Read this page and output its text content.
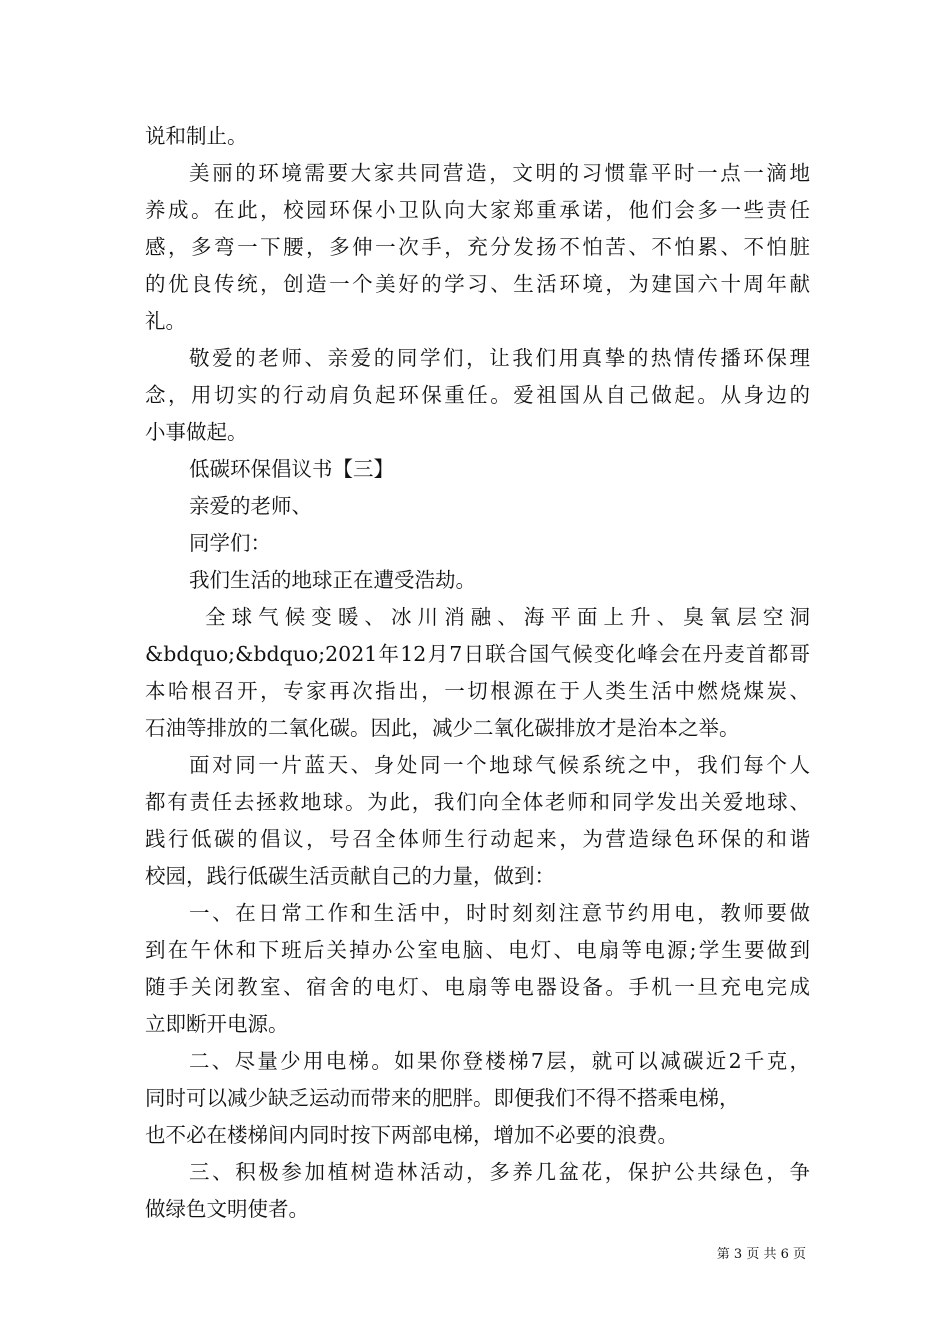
说和制止。
美丽的环境需要大家共同营造，文明的习惯靠平时一点一滴地
养成。在此，校园环保小卫队向大家郑重承诺，他们会多一些责任
感，多弯一下腰，多伸一次手，充分发扬不怕苦、不怕累、不怕脏
的优良传统，创造一个美好的学习、生活环境，为建国六十周年献
礼。
敬爱的老师、亲爱的同学们，让我们用真挚的热情传播环保理
念，用切实的行动肩负起环保重任。爱祖国从自己做起。从身边的
小事做起。
低碳环保倡议书【三】
亲爱的老师、
同学们：
我们生活的地球正在遭受浩劫。
全球气候变暖、冰川消融、海平面上升、臭氧层空洞
&bdquo;&bdquo;2021年12月7日联合国气候变化峰会在丹麦首都哥
本哈根召开，专家再次指出，一切根源在于人类生活中燃烧煤炭、
石油等排放的二氧化碳。因此，减少二氧化碳排放才是治本之举。
面对同一片蓝天、身处同一个地球气候系统之中，我们每个人
都有责任去拯救地球。为此，我们向全体老师和同学发出关爱地球、
践行低碳的倡议，号召全体师生行动起来，为营造绿色环保的和谐
校园，践行低碳生活贡献自己的力量，做到：
一、在日常工作和生活中，时时刻刻注意节约用电，教师要做
到在午休和下班后关掉办公室电脑、电灯、电扇等电源;学生要做到
随手关闭教室、宿舍的电灯、电扇等电器设备。手机一旦充电完成
立即断开电源。
二、尽量少用电梯。如果你登楼梯7层，就可以减碳近2千克，
同时可以减少缺乏运动而带来的肥胖。即便我们不得不搭乘电梯，
也不必在楼梯间内同时按下两部电梯，增加不必要的浪费。
三、积极参加植树造林活动，多养几盆花，保护公共绿色，争
做绿色文明使者。
第 3 页 共 6 页
